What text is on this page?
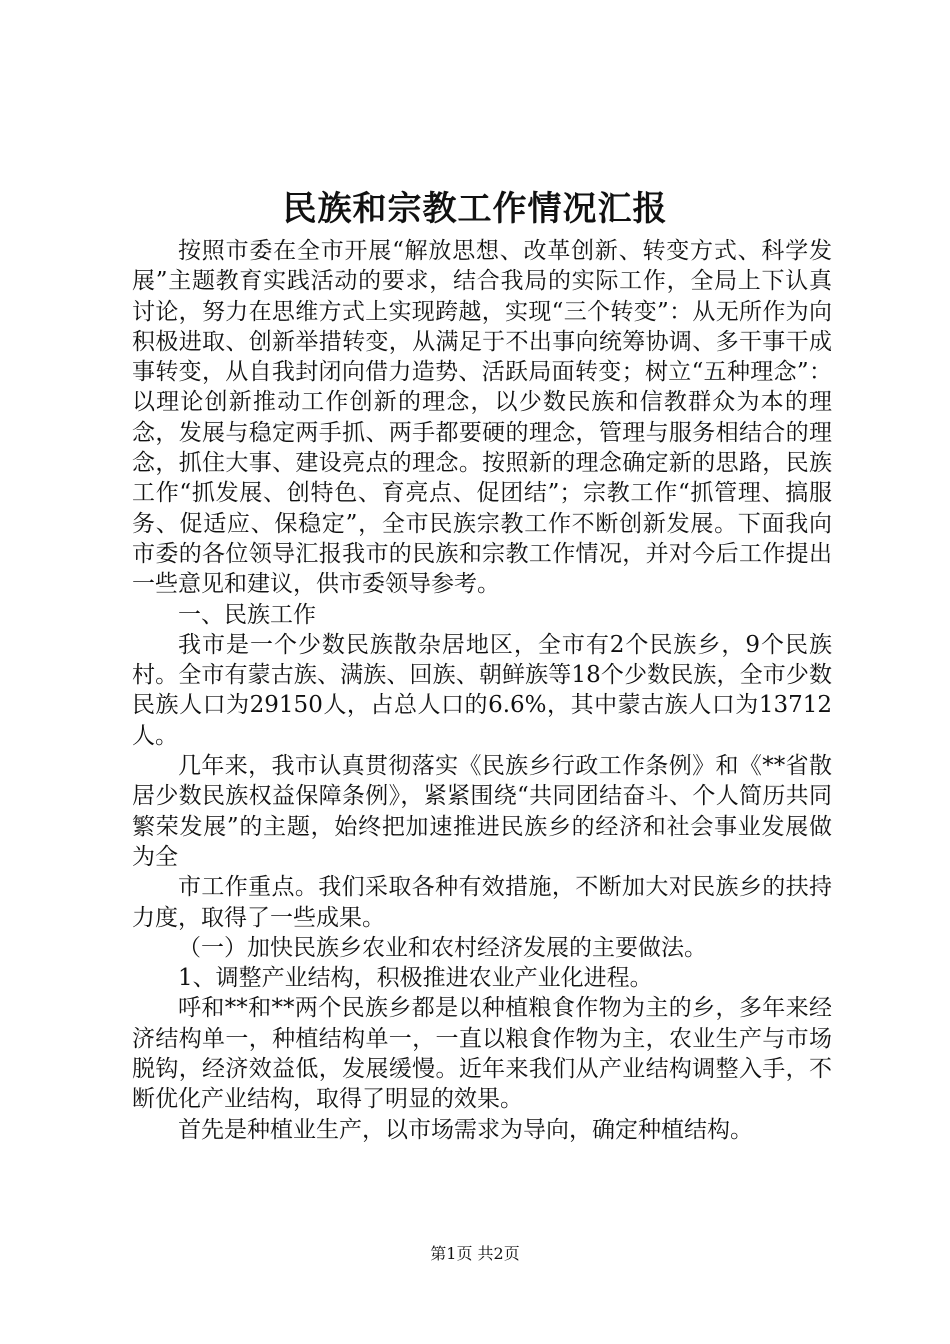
民族和宗教工作情况汇报

按照市委在全市开展“解放思想、改革创新、转变方式、科学发展”主题教育实践活动的要求，结合我局的实际工作，全局上下认真讨论，努力在思维方式上实现跨越，实现“三个转变”：从无所作为向积极进取、创新举措转变，从满足于不出事向统筹协调、多干事干成事转变，从自我封闭向借力造势、活跃局面转变；树立“五种理念”：以理论创新推动工作创新的理念，以少数民族和信教群众为本的理念，发展与稳定两手抓、两手都要硬的理念，管理与服务相结合的理念，抓住大事、建设亮点的理念。按照新的理念确定新的思路，民族工作“抓发展、创特色、育亮点、促团结”；宗教工作“抓管理、搞服务、促适应、保稳定”，全市民族宗教工作不断创新发展。下面我向市委的各位领导汇报我市的民族和宗教工作情况，并对今后工作提出一些意见和建议，供市委领导参考。

一、民族工作

我市是一个少数民族散杂居地区，全市有2个民族乡，9个民族村。全市有蒙古族、满族、回族、朝鲜族等18个少数民族，全市少数民族人口为29150人，占总人口的6.6%，其中蒙古族人口为13712人。

几年来，我市认真贯彻落实《民族乡行政工作条例》和《**省散居少数民族权益保障条例》，紧紧围绕“共同团结奋斗、个人简历共同繁荣发展”的主题，始终把加速推进民族乡的经济和社会事业发展做为全

市工作重点。我们采取各种有效措施，不断加大对民族乡的扶持力度，取得了一些成果。

（一）加快民族乡农业和农村经济发展的主要做法。

1、调整产业结构，积极推进农业产业化进程。

呼和**和**两个民族乡都是以种植粮食作物为主的乡，多年来经济结构单一，种植结构单一，一直以粮食作物为主，农业生产与市场脱钩，经济效益低，发展缓慢。近年来我们从产业结构调整入手，不断优化产业结构，取得了明显的效果。

首先是种植业生产，以市场需求为导向，确定种植结构。

第1页 共2页
